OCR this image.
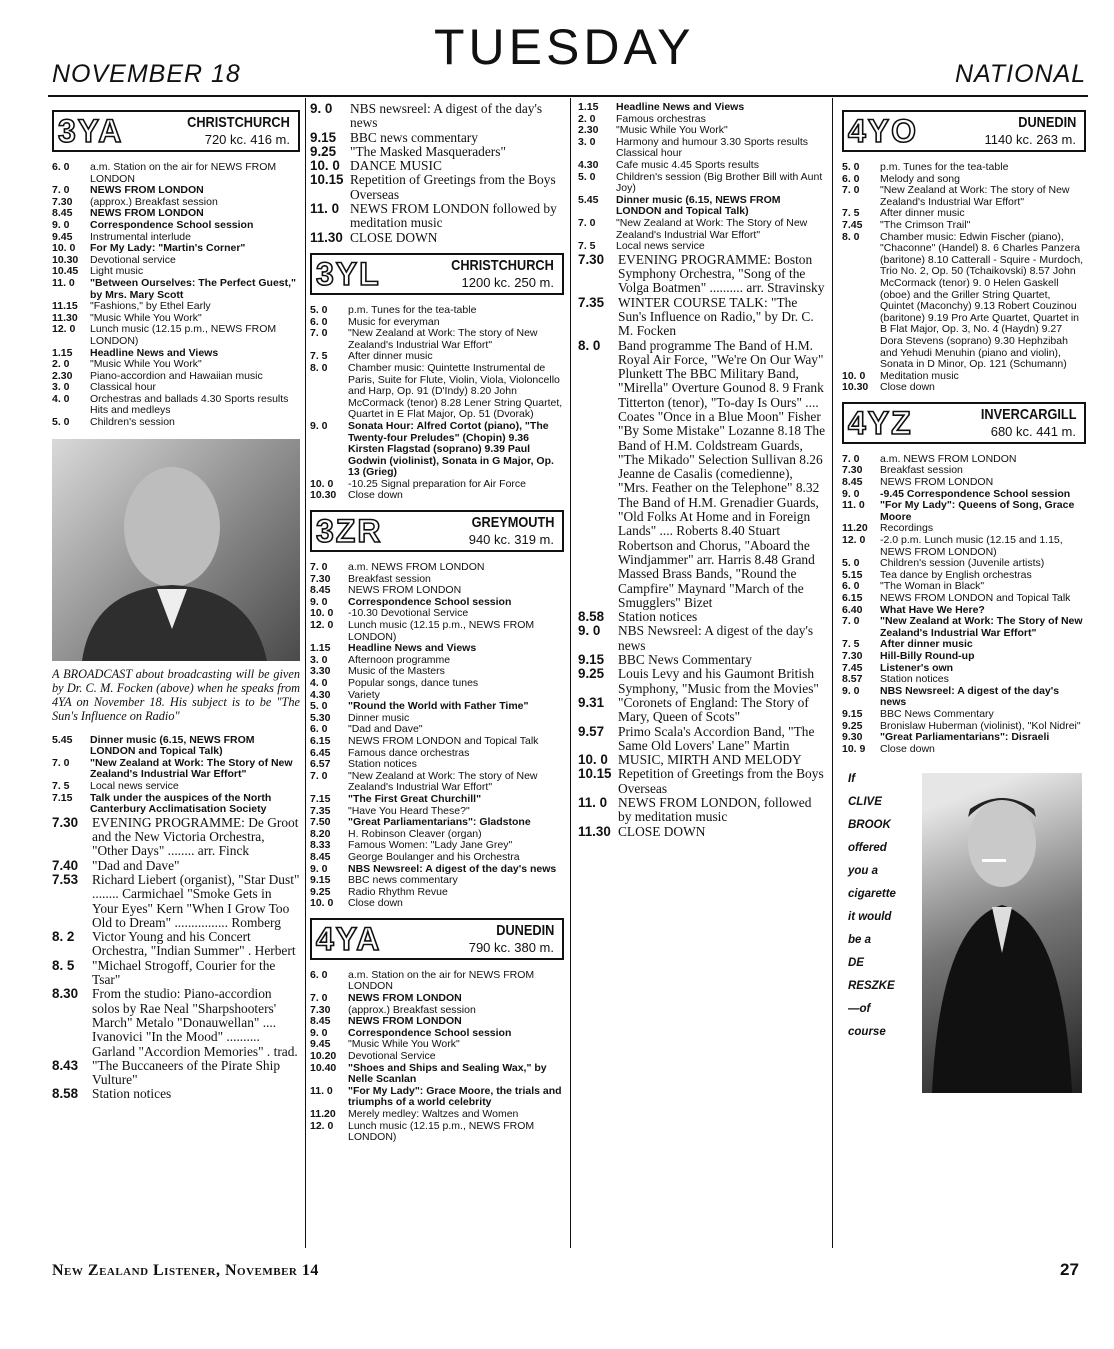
NOVEMBER 18	TUESDAY	NATIONAL
3YA	CHRISTCHURCH
720 kc. 416 m.
6. 0	a.m. Station on the air for NEWS FROM LONDON
7. 0	NEWS FROM LONDON
7.30	(approx.) Breakfast session
8.45	NEWS FROM LONDON
9. 0	Correspondence School session
9.45	Instrumental interlude
10. 0	For My Lady: "Martin's Corner"
10.30	Devotional service
10.45	Light music
11. 0	"Between Ourselves: The Perfect Guest," by Mrs. Mary Scott
11.15	"Fashions," by Ethel Early
11.30	"Music While You Work"
12. 0	Lunch music (12.15 p.m., NEWS FROM LONDON)
1.15	Headline News and Views
2. 0	"Music While You Work"
2.30	Piano-accordion and Hawaiian music
3. 0	Classical hour
4. 0	Orchestras and ballads 4.30 Sports results Hits and medleys
5. 0	Children's session
A BROADCAST about broadcasting will be given by Dr. C. M. Focken (above) when he speaks from 4YA on November 18. His subject is to be "The Sun's Influence on Radio"
5.45	Dinner music (6.15, NEWS FROM LONDON and Topical Talk)
7. 0	"New Zealand at Work: The Story of New Zealand's Industrial War Effort"
7. 5	Local news service
7.15	Talk under the auspices of the North Canterbury Acclimatisation Society
7.30	EVENING PROGRAMME: De Groot and the New Victoria Orchestra, "Other Days" ........ arr. Finck
7.40	"Dad and Dave"
7.53	Richard Liebert (organist), "Star Dust" ........ Carmichael "Smoke Gets in Your Eyes" Kern "When I Grow Too Old to Dream" ................ Romberg
8. 2	Victor Young and his Concert Orchestra, "Indian Summer" . Herbert
8. 5	"Michael Strogoff, Courier for the Tsar"
8.30	From the studio: Piano-accordion solos by Rae Neal "Sharpshooters' March" Metalo "Donauwellan" .... Ivanovici "In the Mood" .......... Garland "Accordion Memories" . trad.
8.43	"The Buccaneers of the Pirate Ship Vulture"
8.58	Station notices
9. 0	NBS newsreel: A digest of the day's news
9.15	BBC news commentary
9.25	"The Masked Masqueraders"
10. 0 DANCE MUSIC
10.15 Repetition of Greetings from the Boys Overseas
11. 0 NEWS FROM LONDON followed by meditation music
11.30 CLOSE DOWN
3YL	CHRISTCHURCH
1200 kc. 250 m.
5. 0	p.m. Tunes for the tea-table
6. 0	Music for everyman
7. 0	"New Zealand at Work: The story of New Zealand's Industrial War Effort"
7. 5	After dinner music
8. 0	Chamber music: Quintette Instrumental de Paris, Suite for Flute, Violin, Viola, Violoncello and Harp, Op. 91 (D'Indy) 8.20 John McCormack (tenor) 8.28 Lener String Quartet, Quartet in E Flat Major, Op. 51 (Dvorak)
9. 0	Sonata Hour: Alfred Cortot (piano), "The Twenty-four Preludes" (Chopin) 9.36 Kirsten Flagstad (soprano) 9.39 Paul Godwin (violinist), Sonata in G Major, Op. 13 (Grieg)
10. 0	-10.25 Signal preparation for Air Force
10.30	Close down
3ZR	GREYMOUTH
940 kc. 319 m.
7. 0	a.m. NEWS FROM LONDON
7.30	Breakfast session
8.45	NEWS FROM LONDON
9. 0	Correspondence School session
10. 0	-10.30 Devotional Service
12. 0	Lunch music (12.15 p.m., NEWS FROM LONDON)
1.15	Headline News and Views
3. 0	Afternoon programme
3.30	Music of the Masters
4. 0	Popular songs, dance tunes
4.30	Variety
5. 0	"Round the World with Father Time"
5.30	Dinner music
6. 0	"Dad and Dave"
6.15	NEWS FROM LONDON and Topical Talk
6.45	Famous dance orchestras
6.57	Station notices
7. 0	"New Zealand at Work: The story of New Zealand's Industrial War Effort"
7.15	"The First Great Churchill"
7.35	"Have You Heard These?"
7.50	"Great Parliamentarians": Gladstone
8.20	H. Robinson Cleaver (organ)
8.33	Famous Women: "Lady Jane Grey"
8.45	George Boulanger and his Orchestra
9. 0	NBS Newsreel: A digest of the day's news
9.15	BBC news commentary
9.25	Radio Rhythm Revue
10. 0	Close down
4YA	DUNEDIN
790 kc. 380 m.
6. 0	a.m. Station on the air for NEWS FROM LONDON
7. 0	NEWS FROM LONDON
7.30	(approx.) Breakfast session
8.45	NEWS FROM LONDON
9. 0	Correspondence School session
9.45	"Music While You Work"
10.20	Devotional Service
10.40	"Shoes and Ships and Sealing Wax," by Nelle Scanlan
11. 0	"For My Lady": Grace Moore, the trials and triumphs of a world celebrity
11.20	Merely medley: Waltzes and Women
12. 0	Lunch music (12.15 p.m., NEWS FROM LONDON)
1.15	Headline News and Views
2. 0	Famous orchestras
2.30	"Music While You Work"
3. 0	Harmony and humour 3.30 Sports results Classical hour
4.30	Cafe music 4.45 Sports results
5. 0	Children's session (Big Brother Bill with Aunt Joy)
5.45	Dinner music (6.15, NEWS FROM LONDON and Topical Talk)
7. 0	"New Zealand at Work: The Story of New Zealand's Industrial War Effort"
7. 5	Local news service
7.30	EVENING PROGRAMME: Boston Symphony Orchestra, "Song of the Volga Boatmen" .......... arr. Stravinsky
7.35	WINTER COURSE TALK: "The Sun's Influence on Radio," by Dr. C. M. Focken
8. 0	Band programme The Band of H.M. Royal Air Force, "We're On Our Way" Plunkett The BBC Military Band, "Mirella" Overture Gounod 8. 9 Frank Titterton (tenor), "To-day Is Ours" .... Coates "Once in a Blue Moon" Fisher "By Some Mistake" Lozanne 8.18 The Band of H.M. Coldstream Guards, "The Mikado" Selection Sullivan 8.26 Jeanne de Casalis (comedienne), "Mrs. Feather on the Telephone" 8.32 The Band of H.M. Grenadier Guards, "Old Folks At Home and in Foreign Lands" .... Roberts 8.40 Stuart Robertson and Chorus, "Aboard the Windjammer" arr. Harris 8.48 Grand Massed Brass Bands, "Round the Campfire" Maynard "March of the Smugglers" Bizet
8.58	Station notices
9. 0	NBS Newsreel: A digest of the day's news
9.15	BBC News Commentary
9.25	Louis Levy and his Gaumont British Symphony, "Music from the Movies"
9.31	"Coronets of England: The Story of Mary, Queen of Scots"
9.57	Primo Scala's Accordion Band, "The Same Old Lovers' Lane" Martin
10. 0 MUSIC, MIRTH AND MELODY
10.15 Repetition of Greetings from the Boys Overseas
11. 0 NEWS FROM LONDON, followed by meditation music
11.30 CLOSE DOWN
4YO	DUNEDIN
1140 kc. 263 m.
5. 0	p.m. Tunes for the tea-table
6. 0	Melody and song
7. 0	"New Zealand at Work: The story of New Zealand's Industrial War Effort"
7. 5	After dinner music
7.45	"The Crimson Trail"
8. 0	Chamber music: Edwin Fischer (piano), "Chaconne" (Handel) 8. 6 Charles Panzera (baritone) 8.10 Catterall - Squire - Murdoch, Trio No. 2, Op. 50 (Tchaikovski) 8.57 John McCormack (tenor) 9. 0 Helen Gaskell (oboe) and the Griller String Quartet, Quintet (Maconchy) 9.13 Robert Couzinou (baritone) 9.19 Pro Arte Quartet, Quartet in B Flat Major, Op. 3, No. 4 (Haydn) 9.27 Dora Stevens (soprano) 9.30 Hephzibah and Yehudi Menuhin (piano and violin), Sonata in D Minor, Op. 121 (Schumann)
10. 0	Meditation music
10.30	Close down
4YZ	INVERCARGILL
680 kc. 441 m.
7. 0	a.m. NEWS FROM LONDON
7.30	Breakfast session
8.45	NEWS FROM LONDON
9. 0	-9.45 Correspondence School session
11. 0	"For My Lady": Queens of Song, Grace Moore
11.20	Recordings
12. 0	-2.0 p.m. Lunch music (12.15 and 1.15, NEWS FROM LONDON)
5. 0	Children's session (Juvenile artists)
5.15	Tea dance by English orchestras
6. 0	"The Woman in Black"
6.15	NEWS FROM LONDON and Topical Talk
6.40	What Have We Here?
7. 0	"New Zealand at Work: The Story of New Zealand's Industrial War Effort"
7. 5	After dinner music
7.30	Hill-Billy Round-up
7.45	Listener's own
8.57	Station notices
9. 0	NBS Newsreel: A digest of the day's news
9.15	BBC News Commentary
9.25	Bronislaw Huberman (violinist), "Kol Nidrei"
9.30	"Great Parliamentarians": Disraeli
10. 9	Close down
If
CLIVE
BROOK
offered
you a
cigarette
it would
be a
DE
RESZKE
—of
course
New Zealand Listener, November 14	27
